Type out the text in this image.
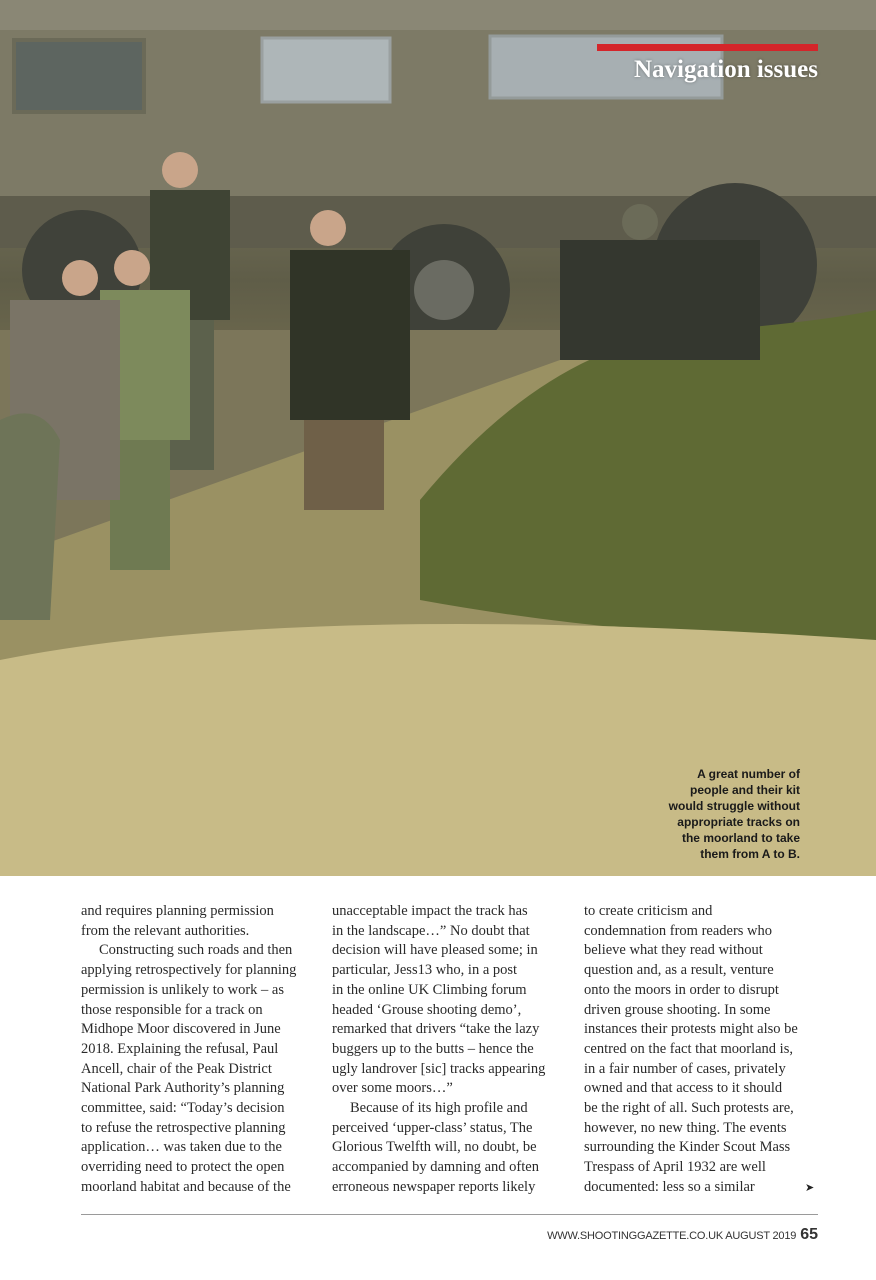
Navigation issues
A great number of
people and their kit
would struggle without
appropriate tracks on
the moorland to take
them from A to B.
and requires planning permission
from the relevant authorities.
Constructing such roads and then
applying retrospectively for planning
permission is unlikely to work – as
those responsible for a track on
Midhope Moor discovered in June
2018. Explaining the refusal, Paul
Ancell, chair of the Peak District
National Park Authority’s planning
committee, said: “Today’s decision
to refuse the retrospective planning
application… was taken due to the
overriding need to protect the open
moorland habitat and because of the
unacceptable impact the track has
in the landscape…” No doubt that
decision will have pleased some; in
particular, Jess13 who, in a post
in the online UK Climbing forum
headed ‘Grouse shooting demo’,
remarked that drivers “take the lazy
buggers up to the butts – hence the
ugly landrover [sic] tracks appearing
over some moors…”
Because of its high profile and
perceived ‘upper-class’ status, The
Glorious Twelfth will, no doubt, be
accompanied by damning and often
erroneous newspaper reports likely
to create criticism and
condemnation from readers who
believe what they read without
question and, as a result, venture
onto the moors in order to disrupt
driven grouse shooting. In some
instances their protests might also be
centred on the fact that moorland is,
in a fair number of cases, privately
owned and that access to it should
be the right of all. Such protests are,
however, no new thing. The events
surrounding the Kinder Scout Mass
Trespass of April 1932 are well
documented: less so a similar	➤
WWW.SHOOTINGGAZETTE.CO.UK AUGUST 2019 65
